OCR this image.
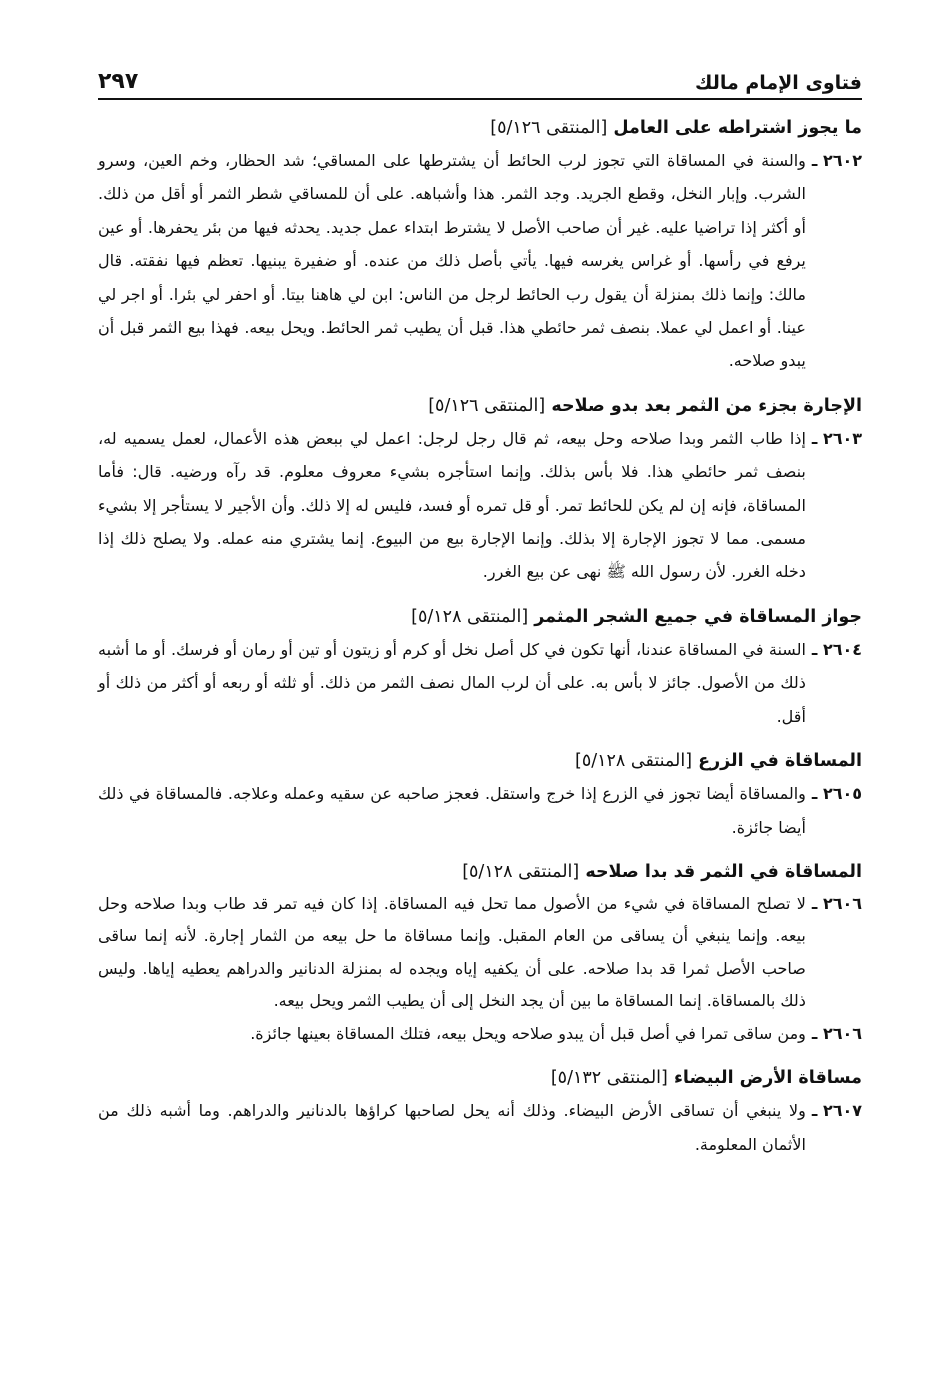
فتاوى الإمام مالك
٢٩٧
ما يجوز اشتراطه على العامل [المنتقى ٥/١٢٦]
٢٦٠٢ ـ
والسنة في المساقاة التي تجوز لرب الحائط أن يشترطها على المساقي؛ شد الحظار، وخم العين، وسرو الشرب. وإبار النخل، وقطع الجريد. وجد الثمر. هذا وأشباهه. على أن للمساقي شطر الثمر أو أقل من ذلك. أو أكثر إذا تراضيا عليه. غير أن صاحب الأصل لا يشترط ابتداء عمل جديد. يحدثه فيها من بئر يحفرها. أو عين يرفع في رأسها. أو غراس يغرسه فيها. يأتي بأصل ذلك من عنده. أو ضفيرة يبنيها. تعظم فيها نفقته. قال مالك: وإنما ذلك بمنزلة أن يقول رب الحائط لرجل من الناس: ابن لي هاهنا بيتا. أو احفر لي بئرا. أو اجر لي عينا. أو اعمل لي عملا. بنصف ثمر حائطي هذا. قبل أن يطيب ثمر الحائط. ويحل بيعه. فهذا بيع الثمر قبل أن يبدو صلاحه.
الإجارة بجزء من الثمر بعد بدو صلاحه [المنتقى ٥/١٢٦]
٢٦٠٣ ـ
إذا طاب الثمر وبدا صلاحه وحل بيعه، ثم قال رجل لرجل: اعمل لي ببعض هذه الأعمال، لعمل يسميه له، بنصف ثمر حائطي هذا. فلا بأس بذلك. وإنما استأجره بشيء معروف معلوم. قد رآه ورضيه. قال: فأما المساقاة، فإنه إن لم يكن للحائط تمر. أو قل تمره أو فسد، فليس له إلا ذلك. وأن الأجير لا يستأجر إلا بشيء مسمى. مما لا تجوز الإجارة إلا بذلك. وإنما الإجارة بيع من البيوع. إنما يشتري منه عمله. ولا يصلح ذلك إذا دخله الغرر. لأن رسول الله ﷺ نهى عن بيع الغرر.
جواز المساقاة في جميع الشجر المثمر [المنتقى ٥/١٢٨]
٢٦٠٤ ـ
السنة في المساقاة عندنا، أنها تكون في كل أصل نخل أو كرم أو زيتون أو تين أو رمان أو فرسك. أو ما أشبه ذلك من الأصول. جائز لا بأس به. على أن لرب المال نصف الثمر من ذلك. أو ثلثه أو ربعه أو أكثر من ذلك أو أقل.
المساقاة في الزرع [المنتقى ٥/١٢٨]
٢٦٠٥ ـ
والمساقاة أيضا تجوز في الزرع إذا خرج واستقل. فعجز صاحبه عن سقيه وعمله وعلاجه. فالمساقاة في ذلك أيضا جائزة.
المساقاة في الثمر قد بدا صلاحه [المنتقى ٥/١٢٨]
٢٦٠٦ ـ
لا تصلح المساقاة في شيء من الأصول مما تحل فيه المساقاة. إذا كان فيه تمر قد طاب وبدا صلاحه وحل بيعه. وإنما ينبغي أن يساقى من العام المقبل. وإنما مساقاة ما حل بيعه من الثمار إجارة. لأنه إنما ساقى صاحب الأصل ثمرا قد بدا صلاحه. على أن يكفيه إياه ويجده له بمنزلة الدنانير والدراهم يعطيه إياها. وليس ذلك بالمساقاة. إنما المساقاة ما بين أن يجد النخل إلى أن يطيب الثمر ويحل بيعه.
٢٦٠٦ ـ
ومن ساقى تمرا في أصل قبل أن يبدو صلاحه ويحل بيعه، فتلك المساقاة بعينها جائزة.
مساقاة الأرض البيضاء [المنتقى ٥/١٣٢]
٢٦٠٧ ـ
ولا ينبغي أن تساقى الأرض البيضاء. وذلك أنه يحل لصاحبها كراؤها بالدنانير والدراهم. وما أشبه ذلك من الأثمان المعلومة.
